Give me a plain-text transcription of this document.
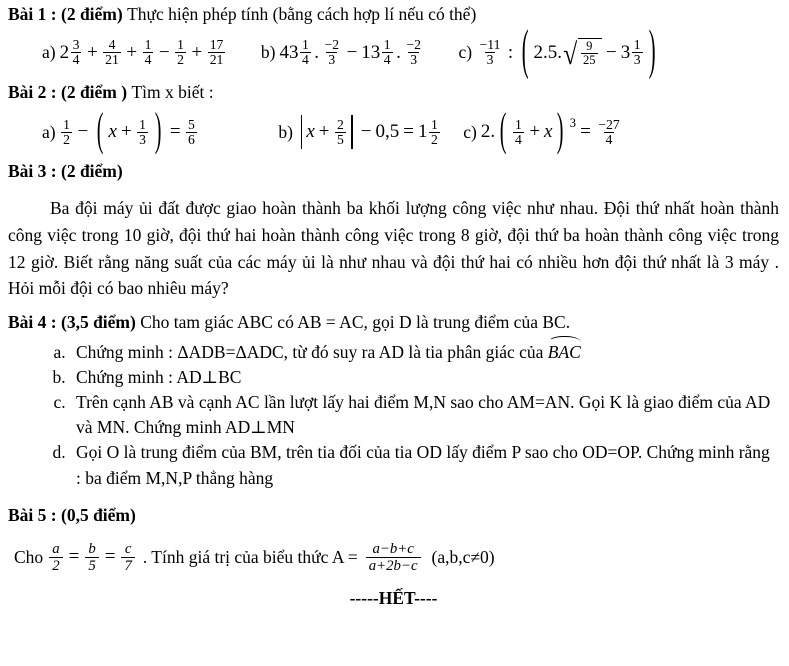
Bài 1 : (2 điểm) Thực hiện phép tính (bằng cách hợp lí nếu có thể)
a) $2 \frac{3}{4} + \frac{4}{21} + \frac{1}{4} - \frac{1}{2} + \frac{17}{21} b$) $43 \frac{1}{4}$ . $\frac{-2}{3} - 13 \frac{1}{4}$ . $\frac{-2}{3} c) \frac{-11}{3}$ : ( 2.5. √ $\frac{9}{25} - 3 \frac{1}{3}$ )
Bài 2 : (2 điểm ) Tìm x biết :
$a) \frac{1}{2}$ − ( $x + \frac{1}{3}$ ) = $\frac{5}{6}$	b) $x + \frac{2}{5} - 0,5 = 1 \frac{1}{2} c$) 2. ( $\frac{1}{4} + x$ ) $3 = \frac{-27}{4}$
Bài 3 : (2 điểm)
Ba đội máy ủi đất được giao hoàn thành ba khối lượng công việc như nhau. Đội thứ nhất hoàn thành công việc trong 10 giờ, đội thứ hai hoàn thành công việc trong 8 giờ, đội thứ ba hoàn thành công việc trong 12 giờ. Biết rằng năng suất của các máy ủi là như nhau và đội thứ hai có nhiều hơn đội thứ nhất là 3 máy . Hỏi mỗi đội có bao nhiêu máy?
Bài 4 : (3,5 điểm) Cho tam giác ABC có AB = AC, gọi D là trung điểm của BC.
a. Chứng minh : ΔADB=ΔADC, từ đó suy ra AD là tia phân giác của
BAC
b. Chứng minh : AD⊥BC
c. Trên cạnh AB và cạnh AC lần lượt lấy hai điểm M,N sao cho AM=AN. Gọi K là giao điểm của AD và MN. Chứng minh AD⊥MN
d. Gọi O là trung điểm của BM, trên tia đối của tia OD lấy điểm P sao cho OD=OP. Chứng minh rằng : ba điểm M,N,P thẳng hàng
Bài 5 : (0,5 điểm)
Cho $\frac{a}{2} = \frac{b}{5} = \frac{c}{7}$ . Tính giá trị của biểu thức $A = \frac{a-b+c}{a+2b-c} (a,b,c\ne 0)$
-----HẾT----
